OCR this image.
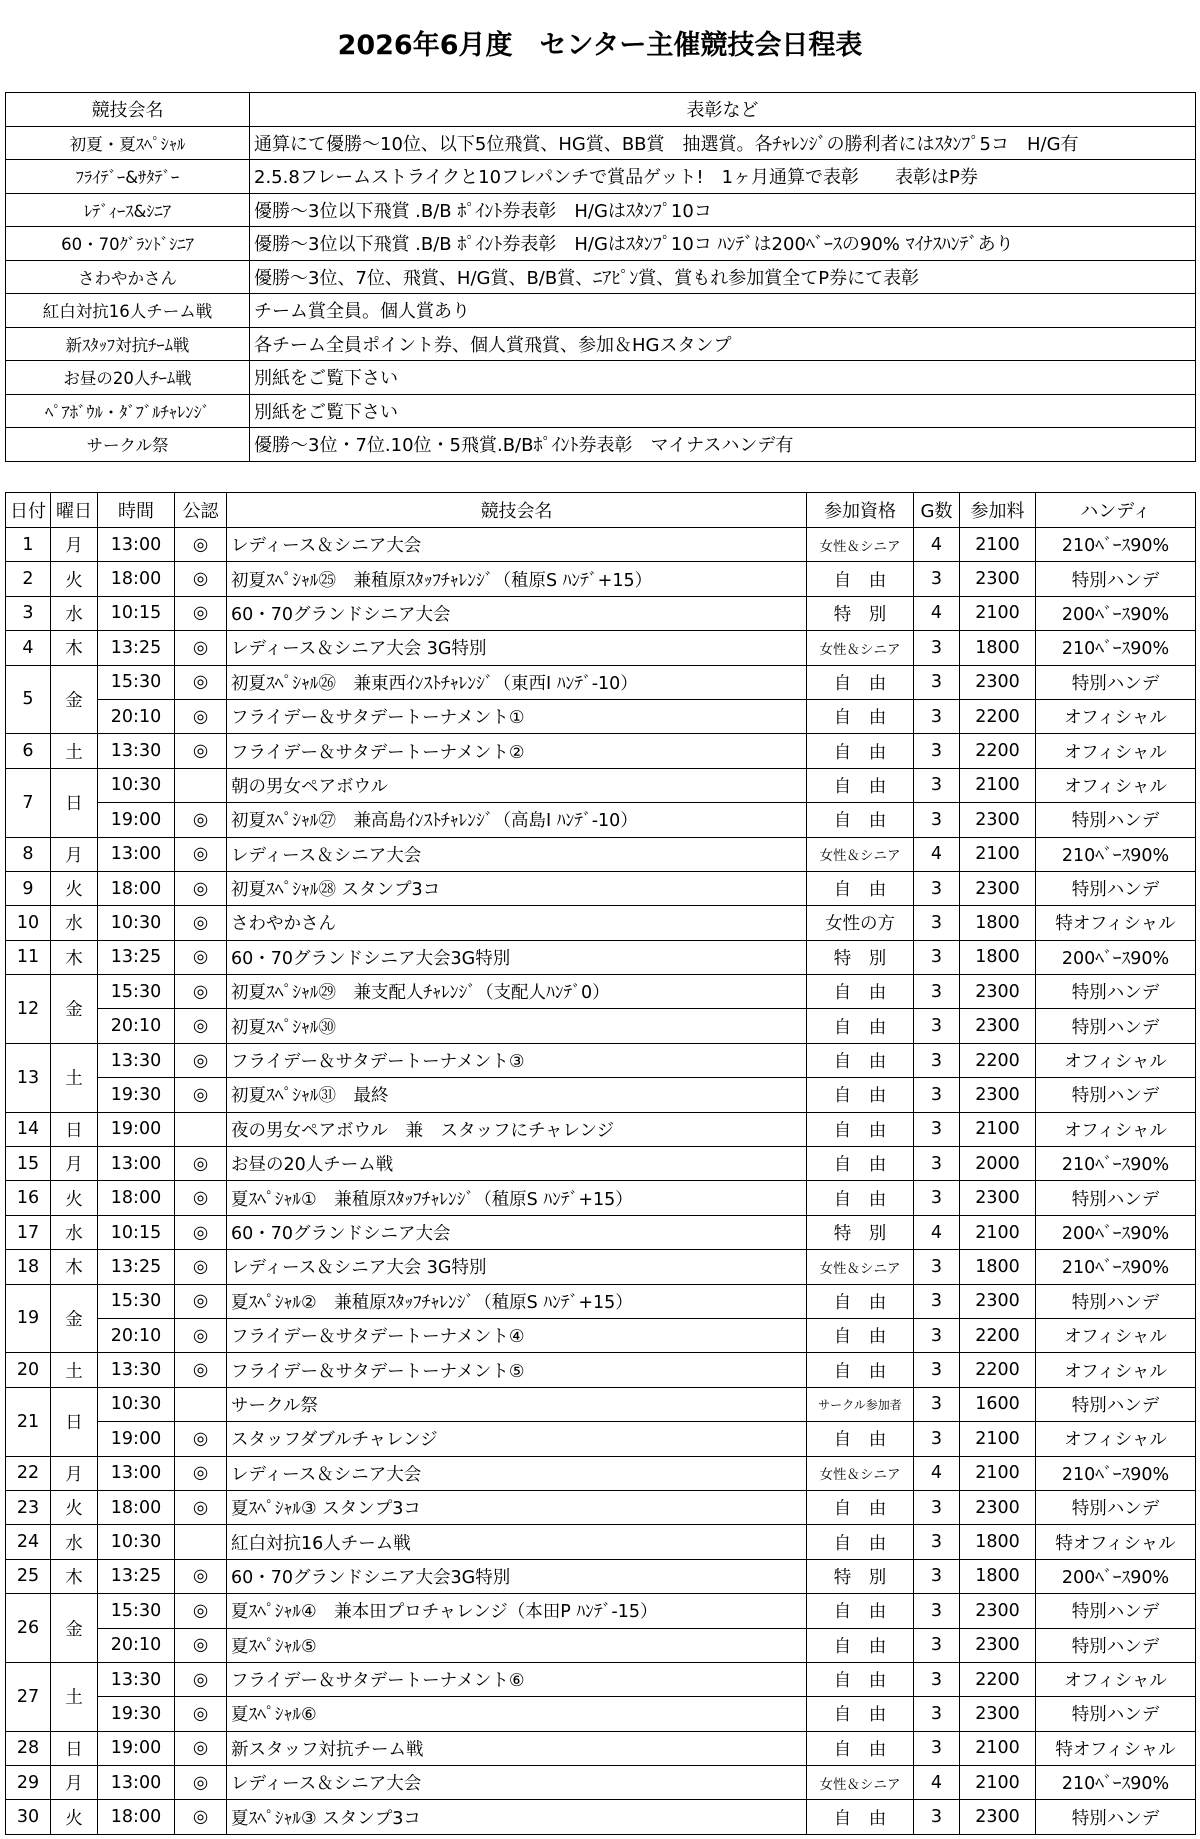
2026年6月度　センター主催競技会日程表
競技会名	表彰など
初夏・夏ｽﾍﾟｼｬﾙ	通算にて優勝～10位、以下5位飛賞、HG賞、BB賞　抽選賞。各ﾁｬﾚﾝｼﾞの勝利者にはｽﾀﾝﾌﾟ5コ　H/G有
ﾌﾗｲﾃﾞｰ&ｻﾀﾃﾞｰ	2.5.8フレームストライクと10フレパンチで賞品ゲット!　1ヶ月通算で表彰　　表彰はP券
ﾚﾃﾞｨｰｽ&ｼﾆｱ	優勝～3位以下飛賞 .B/B ﾎﾟｲﾝﾄ券表彰　H/Gはｽﾀﾝﾌﾟ10コ
60・70ｸﾞﾗﾝﾄﾞｼﾆｱ	優勝～3位以下飛賞 .B/B ﾎﾟｲﾝﾄ券表彰　H/Gはｽﾀﾝﾌﾟ10コ ﾊﾝﾃﾞは200ﾍﾞｰｽの90% ﾏｲﾅｽﾊﾝﾃﾞあり
さわやかさん	優勝～3位、7位、飛賞、H/G賞、B/B賞、ﾆｱﾋﾟﾝ賞、賞もれ参加賞全てP券にて表彰
紅白対抗16人チーム戦	チーム賞全員。個人賞あり
新ｽﾀｯﾌ対抗ﾁｰﾑ戦	各チーム全員ポイント券、個人賞飛賞、参加＆HGスタンプ
お昼の20人ﾁｰﾑ戦	別紙をご覧下さい
ﾍﾟｱﾎﾞｳﾙ・ﾀﾞﾌﾞﾙﾁｬﾚﾝｼﾞ	別紙をご覧下さい
サークル祭	優勝～3位・7位.10位・5飛賞.B/Bﾎﾟｲﾝﾄ券表彰　マイナスハンデ有
日付	曜日	時間	公認	競技会名	参加資格	G数	参加料	ハンディ
1	月	13:00	◎	レディース＆シニア大会	女性＆シニア	4	2100	210ﾍﾞｰｽ90%
2	火	18:00	◎	初夏ｽﾍﾟｼｬﾙ㉕　兼稙原ｽﾀｯﾌﾁｬﾚﾝｼﾞ（稙原S ﾊﾝﾃﾞ+15）	自　由	3	2300	特別ハンデ
3	水	10:15	◎	60・70グランドシニア大会	特　別	4	2100	200ﾍﾞｰｽ90%
4	木	13:25	◎	レディース＆シニア大会 3G特別	女性＆シニア	3	1800	210ﾍﾞｰｽ90%
5	金	15:30	◎	初夏ｽﾍﾟｼｬﾙ㉖　兼東西ｲﾝｽﾄﾁｬﾚﾝｼﾞ（東西I ﾊﾝﾃﾞ-10）	自　由	3	2300	特別ハンデ
		20:10	◎	フライデー＆サタデートーナメント①	自　由	3	2200	オフィシャル
6	土	13:30	◎	フライデー＆サタデートーナメント②	自　由	3	2200	オフィシャル
7	日	10:30		朝の男女ペアボウル	自　由	3	2100	オフィシャル
		19:00	◎	初夏ｽﾍﾟｼｬﾙ㉗　兼高島ｲﾝｽﾄﾁｬﾚﾝｼﾞ（高島I ﾊﾝﾃﾞ-10）	自　由	3	2300	特別ハンデ
8	月	13:00	◎	レディース＆シニア大会	女性＆シニア	4	2100	210ﾍﾞｰｽ90%
9	火	18:00	◎	初夏ｽﾍﾟｼｬﾙ㉘ スタンプ3コ	自　由	3	2300	特別ハンデ
10	水	10:30	◎	さわやかさん	女性の方	3	1800	特オフィシャル
11	木	13:25	◎	60・70グランドシニア大会3G特別	特　別	3	1800	200ﾍﾞｰｽ90%
12	金	15:30	◎	初夏ｽﾍﾟｼｬﾙ㉙　兼支配人ﾁｬﾚﾝｼﾞ（支配人ﾊﾝﾃﾞ0）	自　由	3	2300	特別ハンデ
		20:10	◎	初夏ｽﾍﾟｼｬﾙ㉚	自　由	3	2300	特別ハンデ
13	土	13:30	◎	フライデー＆サタデートーナメント③	自　由	3	2200	オフィシャル
		19:30	◎	初夏ｽﾍﾟｼｬﾙ㉛　最終	自　由	3	2300	特別ハンデ
14	日	19:00		夜の男女ペアボウル　兼　スタッフにチャレンジ	自　由	3	2100	オフィシャル
15	月	13:00	◎	お昼の20人チーム戦	自　由	3	2000	210ﾍﾞｰｽ90%
16	火	18:00	◎	夏ｽﾍﾟｼｬﾙ①　兼稙原ｽﾀｯﾌﾁｬﾚﾝｼﾞ（稙原S ﾊﾝﾃﾞ+15）	自　由	3	2300	特別ハンデ
17	水	10:15	◎	60・70グランドシニア大会	特　別	4	2100	200ﾍﾞｰｽ90%
18	木	13:25	◎	レディース＆シニア大会 3G特別	女性＆シニア	3	1800	210ﾍﾞｰｽ90%
19	金	15:30	◎	夏ｽﾍﾟｼｬﾙ②　兼稙原ｽﾀｯﾌﾁｬﾚﾝｼﾞ（稙原S ﾊﾝﾃﾞ+15）	自　由	3	2300	特別ハンデ
		20:10	◎	フライデー＆サタデートーナメント④	自　由	3	2200	オフィシャル
20	土	13:30	◎	フライデー＆サタデートーナメント⑤	自　由	3	2200	オフィシャル
21	日	10:30		サークル祭	サークル参加者	3	1600	特別ハンデ
		19:00	◎	スタッフダブルチャレンジ	自　由	3	2100	オフィシャル
22	月	13:00	◎	レディース＆シニア大会	女性＆シニア	4	2100	210ﾍﾞｰｽ90%
23	火	18:00	◎	夏ｽﾍﾟｼｬﾙ③ スタンプ3コ	自　由	3	2300	特別ハンデ
24	水	10:30		紅白対抗16人チーム戦	自　由	3	1800	特オフィシャル
25	木	13:25	◎	60・70グランドシニア大会3G特別	特　別	3	1800	200ﾍﾞｰｽ90%
26	金	15:30	◎	夏ｽﾍﾟｼｬﾙ④　兼本田プロチャレンジ（本田P ﾊﾝﾃﾞ-15）	自　由	3	2300	特別ハンデ
		20:10	◎	夏ｽﾍﾟｼｬﾙ⑤	自　由	3	2300	特別ハンデ
27	土	13:30	◎	フライデー＆サタデートーナメント⑥	自　由	3	2200	オフィシャル
		19:30	◎	夏ｽﾍﾟｼｬﾙ⑥	自　由	3	2300	特別ハンデ
28	日	19:00	◎	新スタッフ対抗チーム戦	自　由	3	2100	特オフィシャル
29	月	13:00	◎	レディース＆シニア大会	女性＆シニア	4	2100	210ﾍﾞｰｽ90%
30	火	18:00	◎	夏ｽﾍﾟｼｬﾙ③ スタンプ3コ	自　由	3	2300	特別ハンデ
